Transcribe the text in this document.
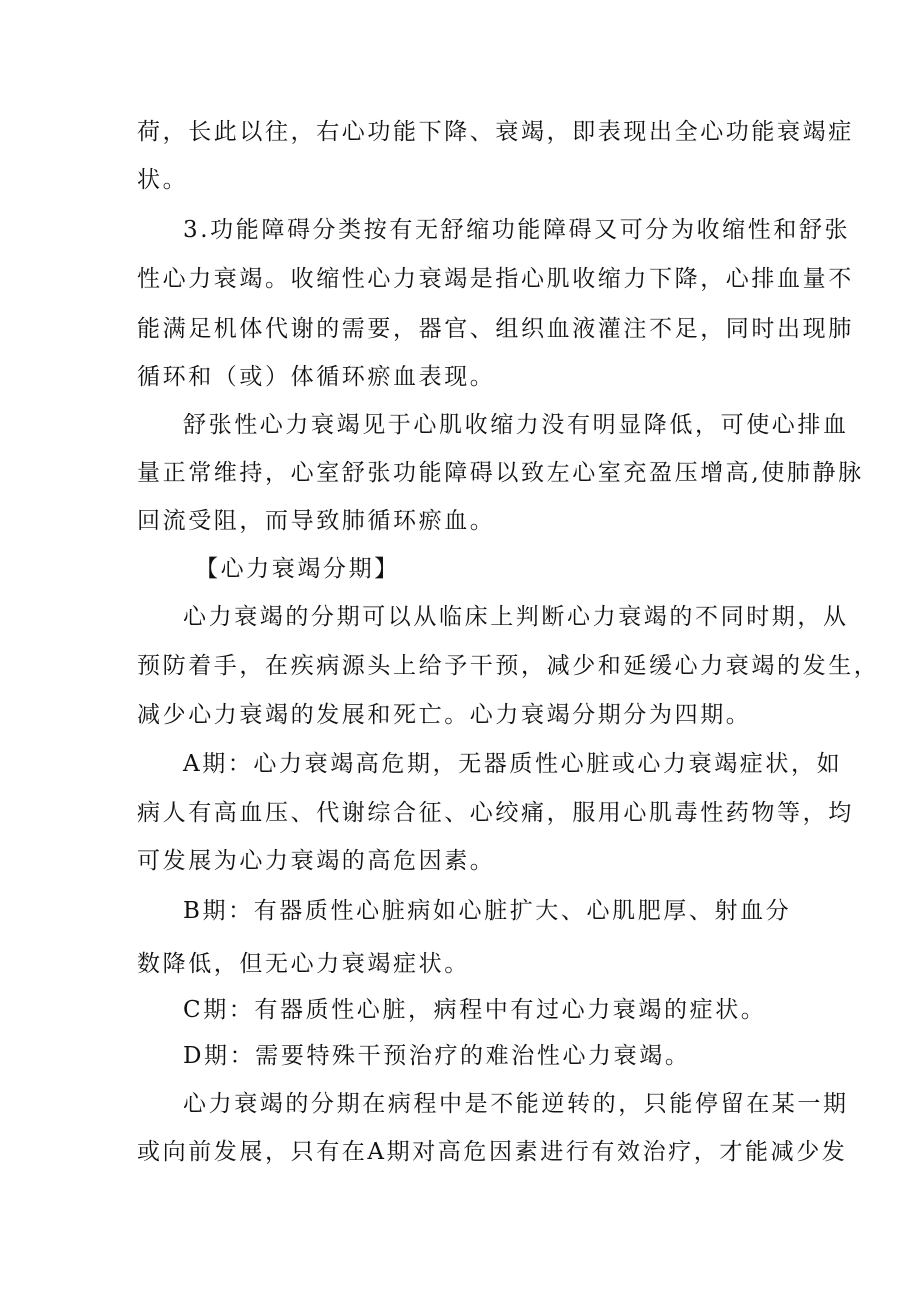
荷，长此以往，右心功能下降、衰竭，即表现出全心功能衰竭症
状。
3.功能障碍分类按有无舒缩功能障碍又可分为收缩性和舒张
性心力衰竭。收缩性心力衰竭是指心肌收缩力下降，心排血量不
能满足机体代谢的需要，器官、组织血液灌注不足，同时出现肺
循环和（或）体循环瘀血表现。
舒张性心力衰竭见于心肌收缩力没有明显降低，可使心排血
量正常维持，心室舒张功能障碍以致左心室充盈压增高,使肺静脉
回流受阻，而导致肺循环瘀血。
【心力衰竭分期】
心力衰竭的分期可以从临床上判断心力衰竭的不同时期，从
预防着手，在疾病源头上给予干预，减少和延缓心力衰竭的发生，
减少心力衰竭的发展和死亡。心力衰竭分期分为四期。
A期：心力衰竭高危期，无器质性心脏或心力衰竭症状，如
病人有高血压、代谢综合征、心绞痛，服用心肌毒性药物等，均
可发展为心力衰竭的高危因素。
B期：有器质性心脏病如心脏扩大、心肌肥厚、射血分
数降低，但无心力衰竭症状。
C期：有器质性心脏，病程中有过心力衰竭的症状。
D期：需要特殊干预治疗的难治性心力衰竭。
心力衰竭的分期在病程中是不能逆转的，只能停留在某一期
或向前发展，只有在A期对高危因素进行有效治疗，才能减少发
